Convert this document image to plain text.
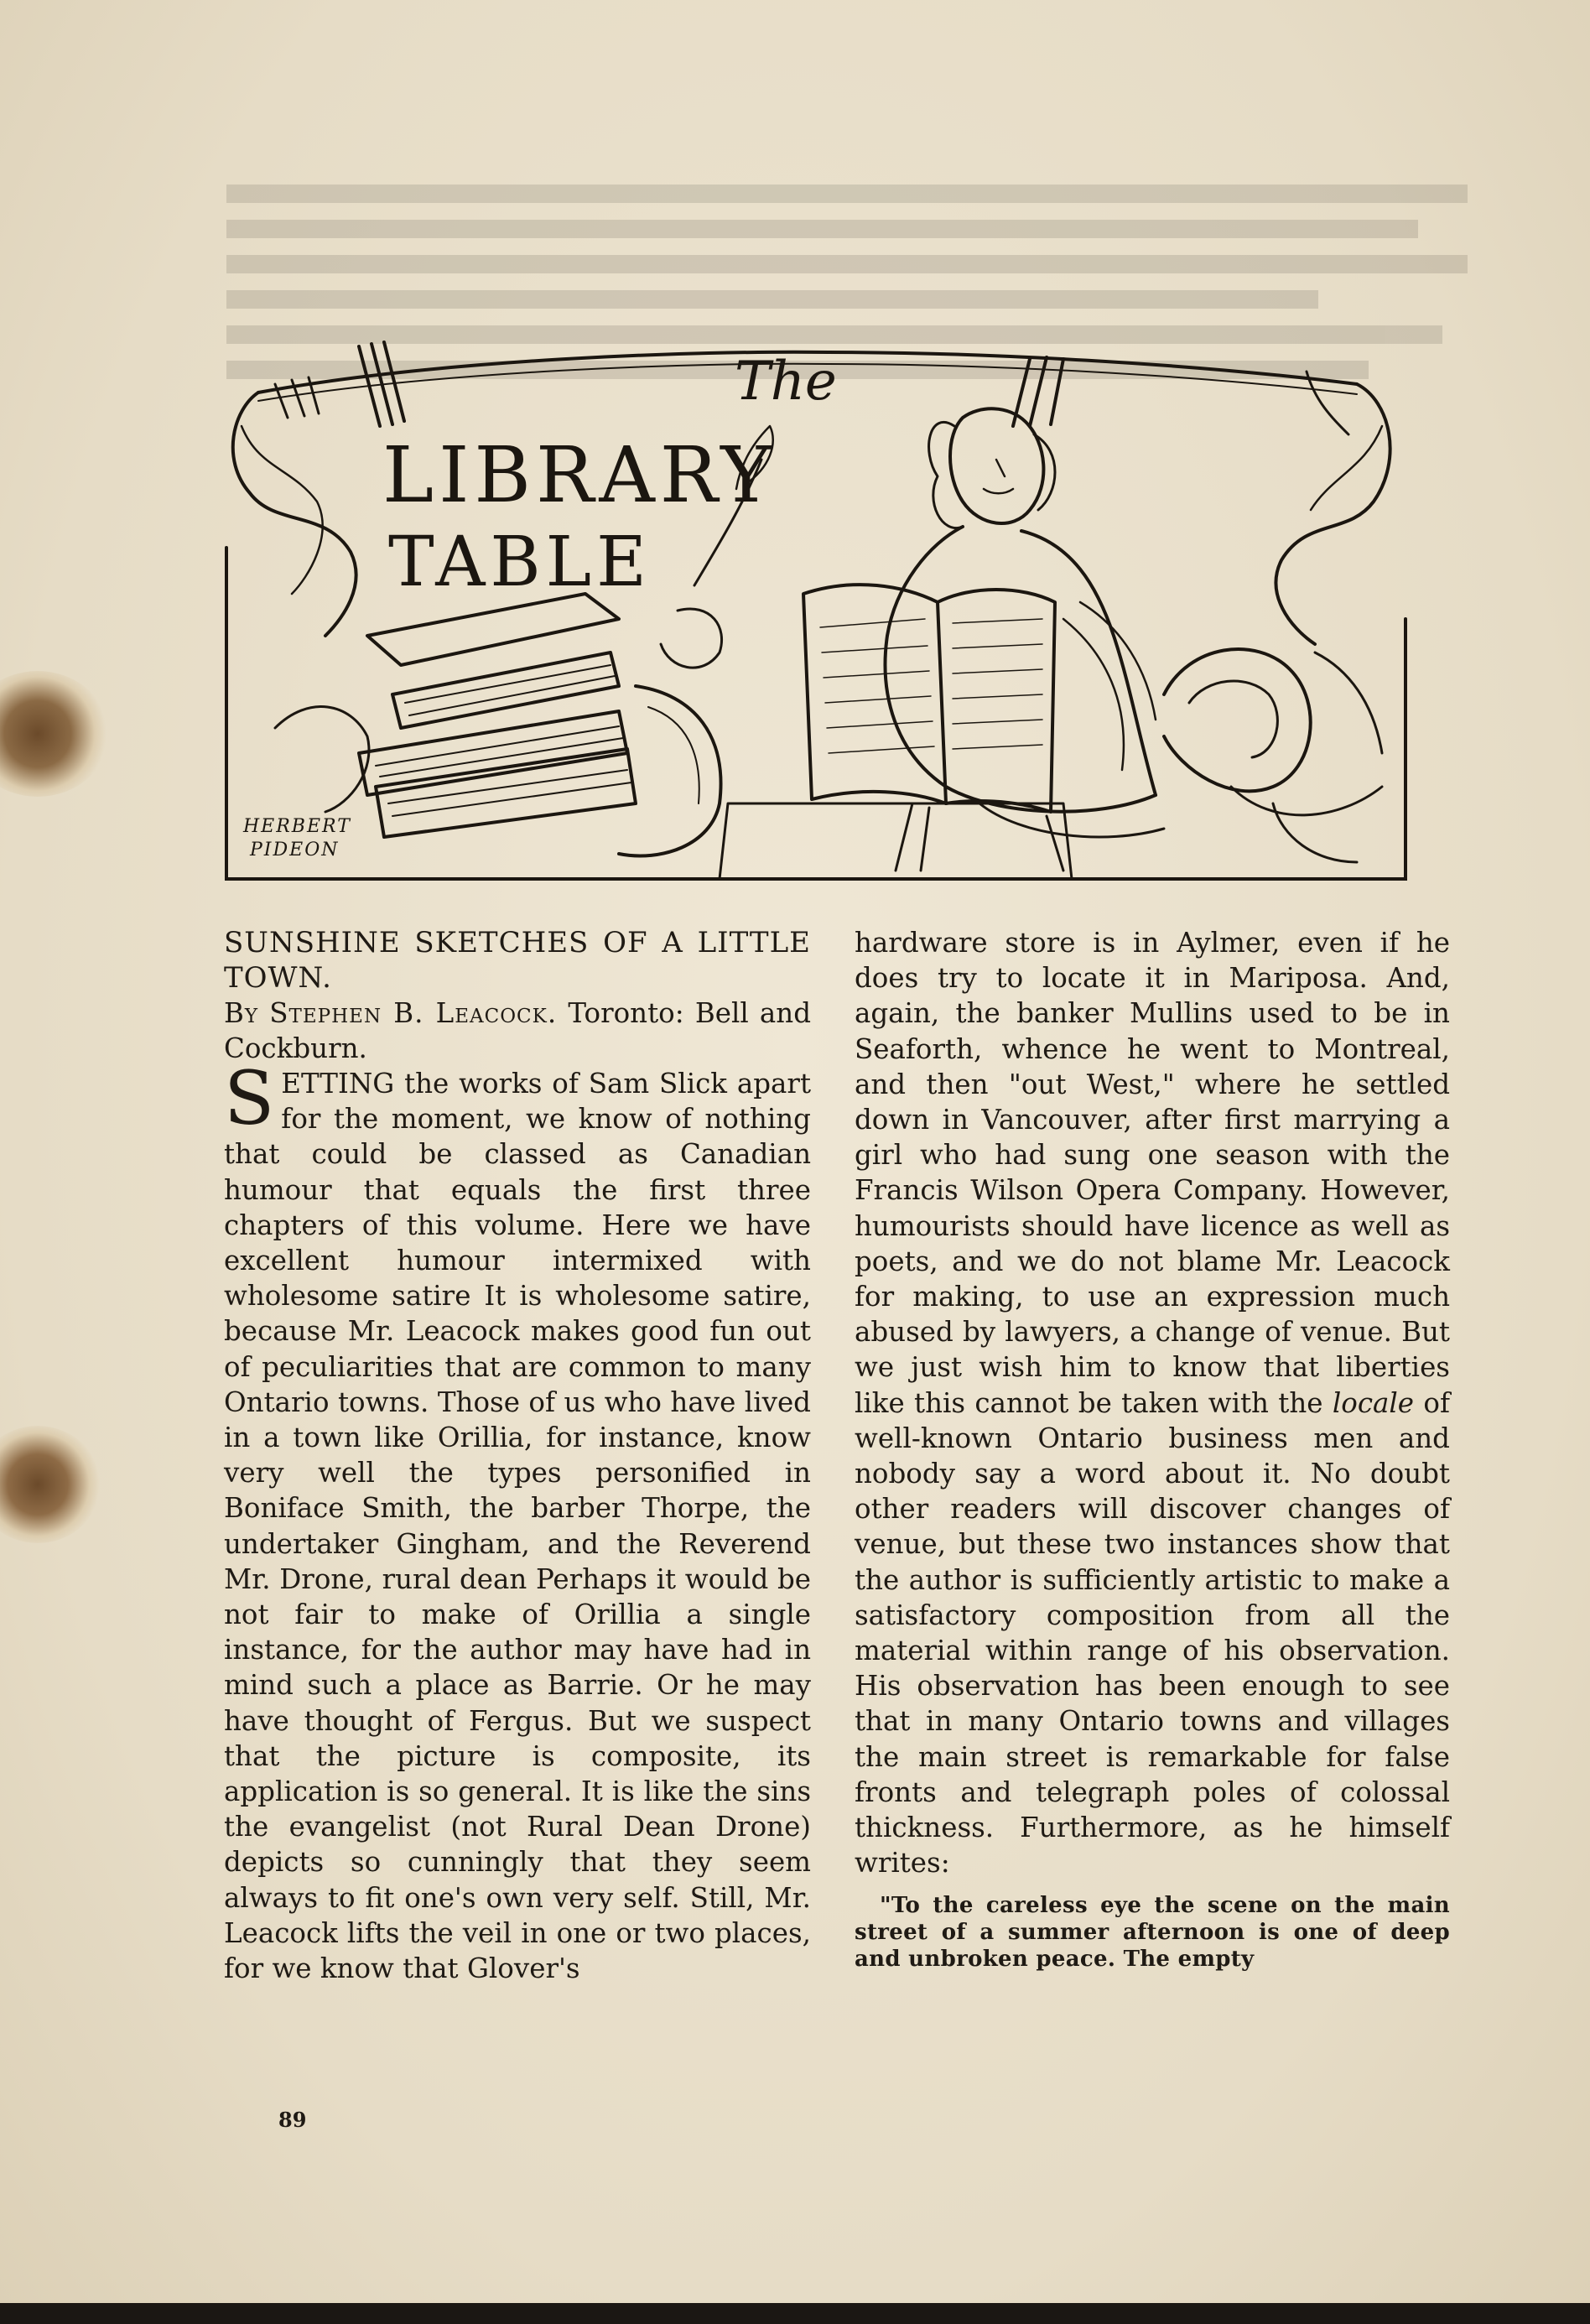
The
LIBRARY
TABLE
HERBERT
PIDEON

SUNSHINE SKETCHES OF A LITTLE TOWN.

By Stephen B. Leacock. Toronto: Bell and Cockburn.

SETTING the works of Sam Slick apart for the moment, we know of nothing that could be classed as Canadian humour that equals the first three chapters of this volume. Here we have excellent humour intermixed with wholesome satire It is wholesome satire, because Mr. Leacock makes good fun out of peculiarities that are common to many Ontario towns. Those of us who have lived in a town like Orillia, for instance, know very well the types personified in Boniface Smith, the barber Thorpe, the undertaker Gingham, and the Reverend Mr. Drone, rural dean Perhaps it would be not fair to make of Orillia a single instance, for the author may have had in mind such a place as Barrie. Or he may have thought of Fergus. But we suspect that the picture is composite, its application is so general. It is like the sins the evangelist (not Rural Dean Drone) depicts so cunningly that they seem always to fit one's own very self. Still, Mr. Leacock lifts the veil in one or two places, for we know that Glover's

hardware store is in Aylmer, even if he does try to locate it in Mariposa. And, again, the banker Mullins used to be in Seaforth, whence he went to Montreal, and then "out West," where he settled down in Vancouver, after first marrying a girl who had sung one season with the Francis Wilson Opera Company. However, humourists should have licence as well as poets, and we do not blame Mr. Leacock for making, to use an expression much abused by lawyers, a change of venue. But we just wish him to know that liberties like this cannot be taken with the locale of well-known Ontario business men and nobody say a word about it. No doubt other readers will discover changes of venue, but these two instances show that the author is sufficiently artistic to make a satisfactory composition from all the material within range of his observation. His observation has been enough to see that in many Ontario towns and villages the main street is remarkable for false fronts and telegraph poles of colossal thickness. Furthermore, as he himself writes:

"To the careless eye the scene on the main street of a summer afternoon is one of deep and unbroken peace. The empty

89
